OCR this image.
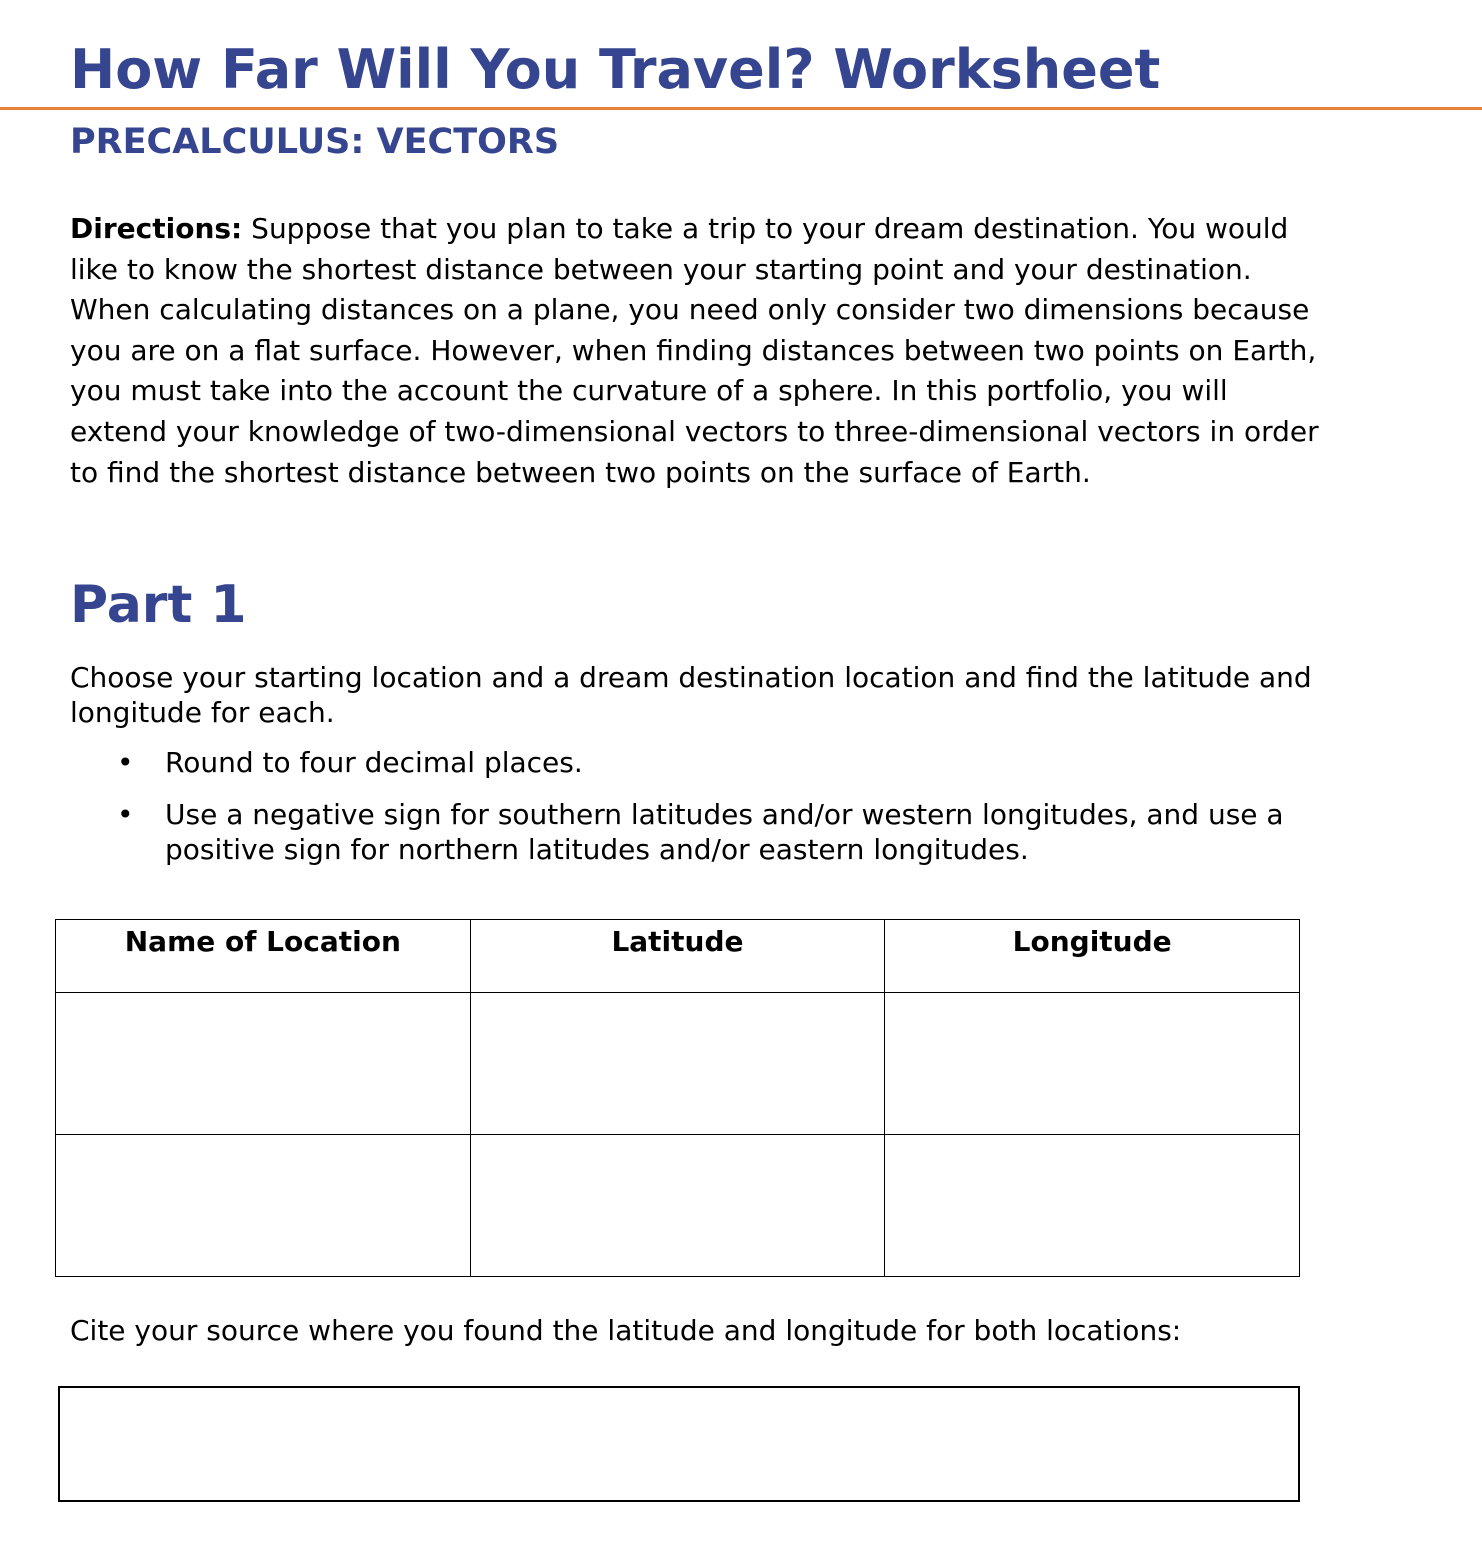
How Far Will You Travel? Worksheet
PRECALCULUS: VECTORS

Directions: Suppose that you plan to take a trip to your dream destination. You would like to know the shortest distance between your starting point and your destination. When calculating distances on a plane, you need only consider two dimensions because you are on a flat surface. However, when finding distances between two points on Earth, you must take into the account the curvature of a sphere. In this portfolio, you will extend your knowledge of two-dimensional vectors to three-dimensional vectors in order to find the shortest distance between two points on the surface of Earth.

Part 1

Choose your starting location and a dream destination location and find the latitude and longitude for each.

• Round to four decimal places.
• Use a negative sign for southern latitudes and/or western longitudes, and use a positive sign for northern latitudes and/or eastern longitudes.
Name of Location	Latitude	Longitude

Cite your source where you found the latitude and longitude for both locations:
